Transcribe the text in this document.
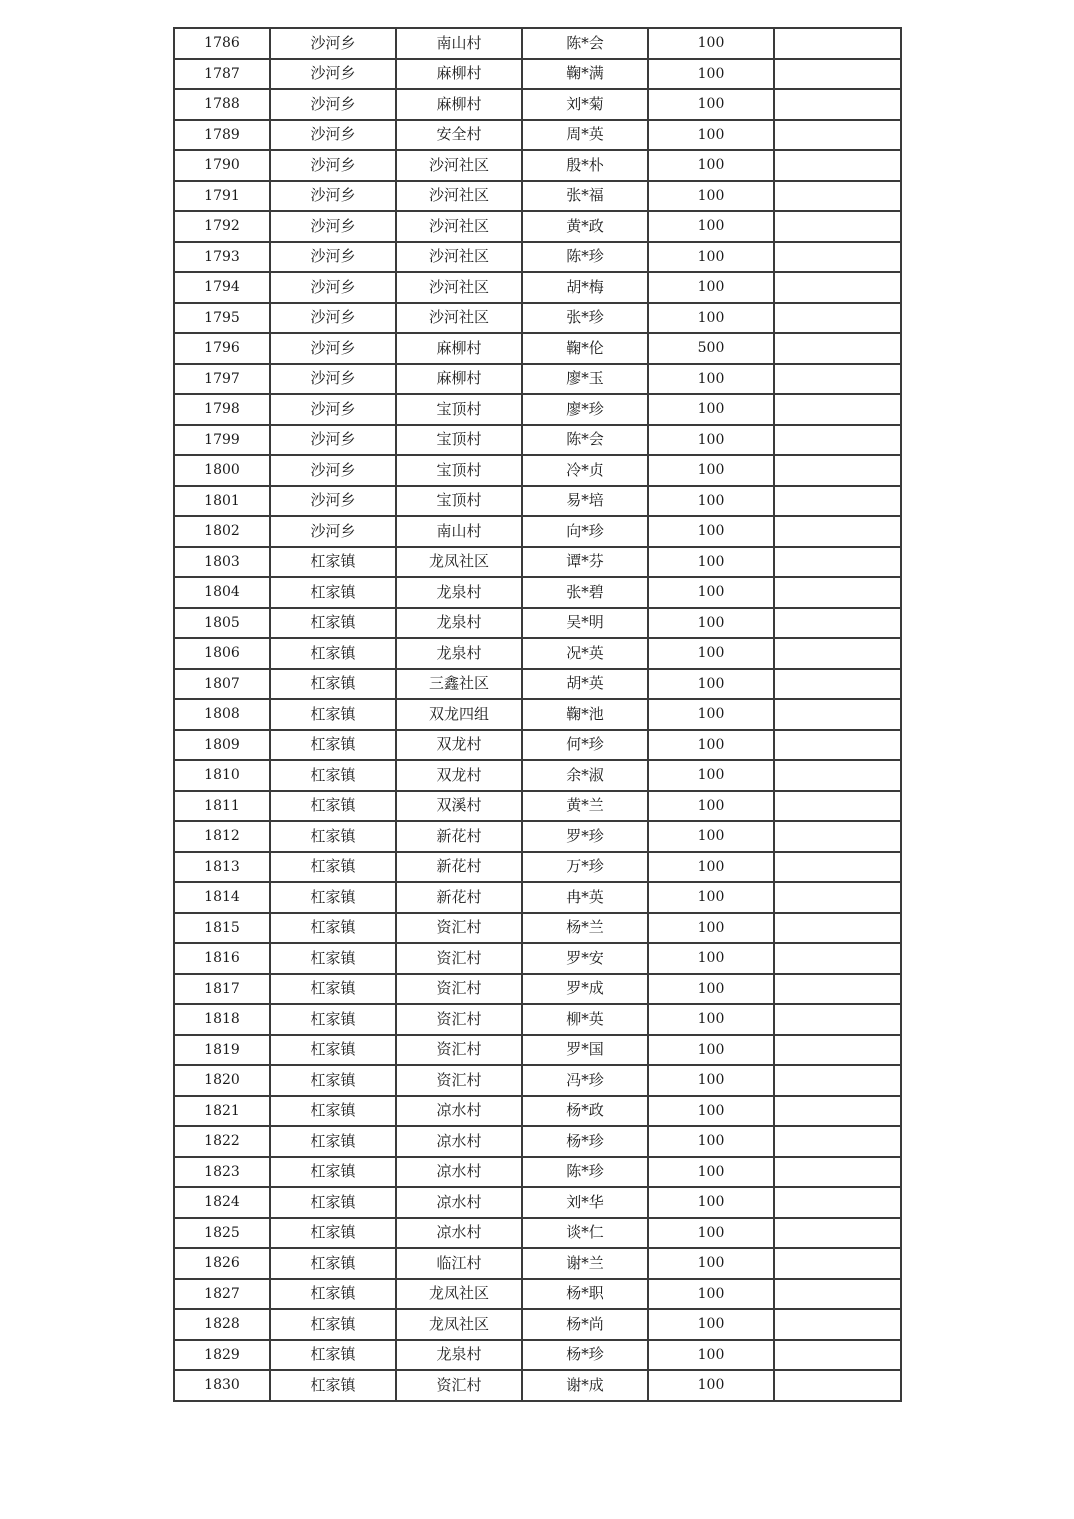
1786	沙河乡	南山村	陈*会	100	
1787	沙河乡	麻柳村	鞠*满	100	
1788	沙河乡	麻柳村	刘*菊	100	
1789	沙河乡	安全村	周*英	100	
1790	沙河乡	沙河社区	殷*朴	100	
1791	沙河乡	沙河社区	张*福	100	
1792	沙河乡	沙河社区	黄*政	100	
1793	沙河乡	沙河社区	陈*珍	100	
1794	沙河乡	沙河社区	胡*梅	100	
1795	沙河乡	沙河社区	张*珍	100	
1796	沙河乡	麻柳村	鞠*伦	500	
1797	沙河乡	麻柳村	廖*玉	100	
1798	沙河乡	宝顶村	廖*珍	100	
1799	沙河乡	宝顶村	陈*会	100	
1800	沙河乡	宝顶村	冷*贞	100	
1801	沙河乡	宝顶村	易*培	100	
1802	沙河乡	南山村	向*珍	100	
1803	杠家镇	龙凤社区	谭*芬	100	
1804	杠家镇	龙泉村	张*碧	100	
1805	杠家镇	龙泉村	吴*明	100	
1806	杠家镇	龙泉村	况*英	100	
1807	杠家镇	三鑫社区	胡*英	100	
1808	杠家镇	双龙四组	鞠*池	100	
1809	杠家镇	双龙村	何*珍	100	
1810	杠家镇	双龙村	余*淑	100	
1811	杠家镇	双溪村	黄*兰	100	
1812	杠家镇	新花村	罗*珍	100	
1813	杠家镇	新花村	万*珍	100	
1814	杠家镇	新花村	冉*英	100	
1815	杠家镇	资汇村	杨*兰	100	
1816	杠家镇	资汇村	罗*安	100	
1817	杠家镇	资汇村	罗*成	100	
1818	杠家镇	资汇村	柳*英	100	
1819	杠家镇	资汇村	罗*国	100	
1820	杠家镇	资汇村	冯*珍	100	
1821	杠家镇	凉水村	杨*政	100	
1822	杠家镇	凉水村	杨*珍	100	
1823	杠家镇	凉水村	陈*珍	100	
1824	杠家镇	凉水村	刘*华	100	
1825	杠家镇	凉水村	谈*仁	100	
1826	杠家镇	临江村	谢*兰	100	
1827	杠家镇	龙凤社区	杨*职	100	
1828	杠家镇	龙凤社区	杨*尚	100	
1829	杠家镇	龙泉村	杨*珍	100	
1830	杠家镇	资汇村	谢*成	100	
